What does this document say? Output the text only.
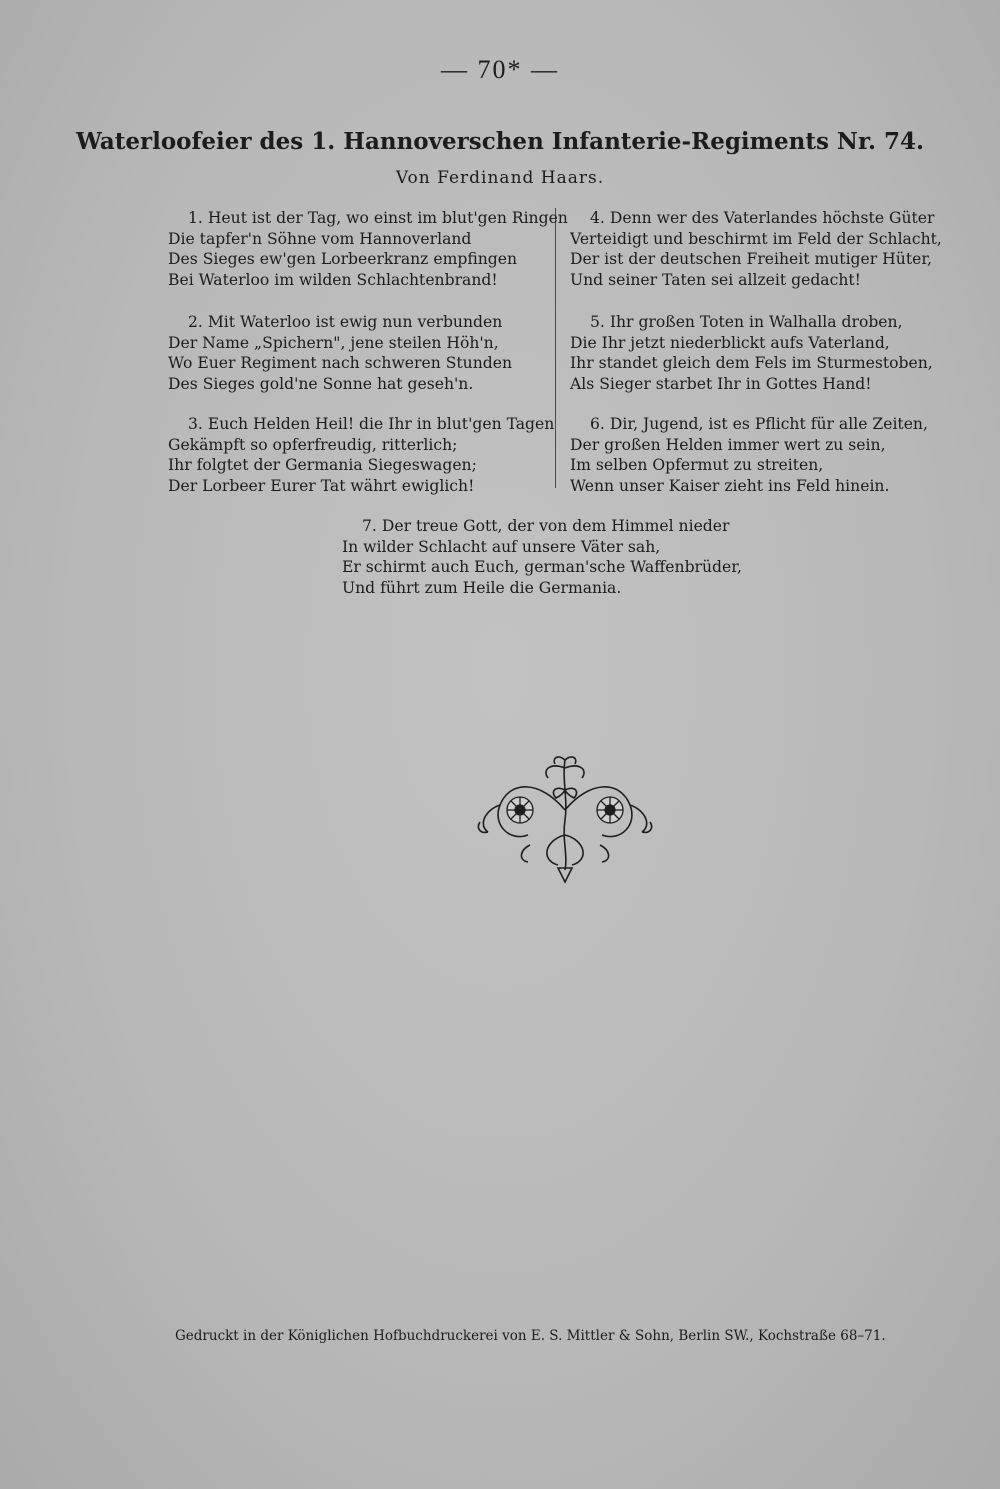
— 70* —
Waterloofeier des 1. Hannoverschen Infanterie-Regiments Nr. 74.
Von Ferdinand Haars.
1. Heut ist der Tag, wo einst im blut'gen Ringen
Die tapfer'n Söhne vom Hannoverland
Des Sieges ew'gen Lorbeerkranz empfingen
Bei Waterloo im wilden Schlachtenbrand!
2. Mit Waterloo ist ewig nun verbunden
Der Name „Spichern", jene steilen Höh'n,
Wo Euer Regiment nach schweren Stunden
Des Sieges gold'ne Sonne hat geseh'n.
3. Euch Helden Heil! die Ihr in blut'gen Tagen
Gekämpft so opferfreudig, ritterlich;
Ihr folgtet der Germania Siegeswagen;
Der Lorbeer Eurer Tat währt ewiglich!
4. Denn wer des Vaterlandes höchste Güter
Verteidigt und beschirmt im Feld der Schlacht,
Der ist der deutschen Freiheit mutiger Hüter,
Und seiner Taten sei allzeit gedacht!
5. Ihr großen Toten in Walhalla droben,
Die Ihr jetzt niederblickt aufs Vaterland,
Ihr standet gleich dem Fels im Sturmestoben,
Als Sieger starbet Ihr in Gottes Hand!
6. Dir, Jugend, ist es Pflicht für alle Zeiten,
Der großen Helden immer wert zu sein,
Im selben Opfermut zu streiten,
Wenn unser Kaiser zieht ins Feld hinein.
7. Der treue Gott, der von dem Himmel nieder
In wilder Schlacht auf unsere Väter sah,
Er schirmt auch Euch, german'sche Waffenbrüder,
Und führt zum Heile die Germania.
Gedruckt in der Königlichen Hofbuchdruckerei von E. S. Mittler & Sohn, Berlin SW., Kochstraße 68–71.
